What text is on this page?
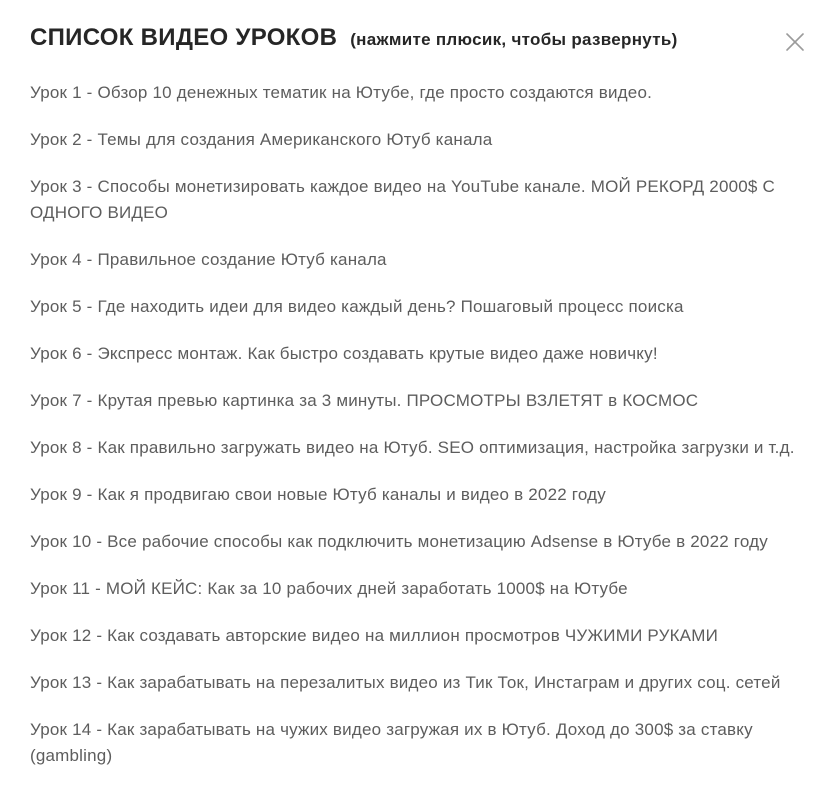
СПИСОК ВИДЕО УРОКОВ (нажмите плюсик, чтобы развернуть)

Урок 1 - Обзор 10 денежных тематик на Ютубе, где просто создаются видео.

Урок 2 - Темы для создания Американского Ютуб канала

Урок 3 - Способы монетизировать каждое видео на YouTube канале. МОЙ РЕКОРД 2000$ С ОДНОГО ВИДЕО

Урок 4 - Правильное создание Ютуб канала

Урок 5 - Где находить идеи для видео каждый день? Пошаговый процесс поиска

Урок 6 - Экспресс монтаж. Как быстро создавать крутые видео даже новичку!

Урок 7 - Крутая превью картинка за 3 минуты. ПРОСМОТРЫ ВЗЛЕТЯТ в КОСМОС

Урок 8 - Как правильно загружать видео на Ютуб. SEO оптимизация, настройка загрузки и т.д.

Урок 9 - Как я продвигаю свои новые Ютуб каналы и видео в 2022 году

Урок 10 - Все рабочие способы как подключить монетизацию Adsense в Ютубе в 2022 году

Урок 11 - МОЙ КЕЙС: Как за 10 рабочих дней заработать 1000$ на Ютубе

Урок 12 - Как создавать авторские видео на миллион просмотров ЧУЖИМИ РУКАМИ

Урок 13 - Как зарабатывать на перезалитых видео из Тик Ток, Инстаграм и других соц. сетей

Урок 14 - Как зарабатывать на чужих видео загружая их в Ютуб. Доход до 300$ за ставку (gambling)
